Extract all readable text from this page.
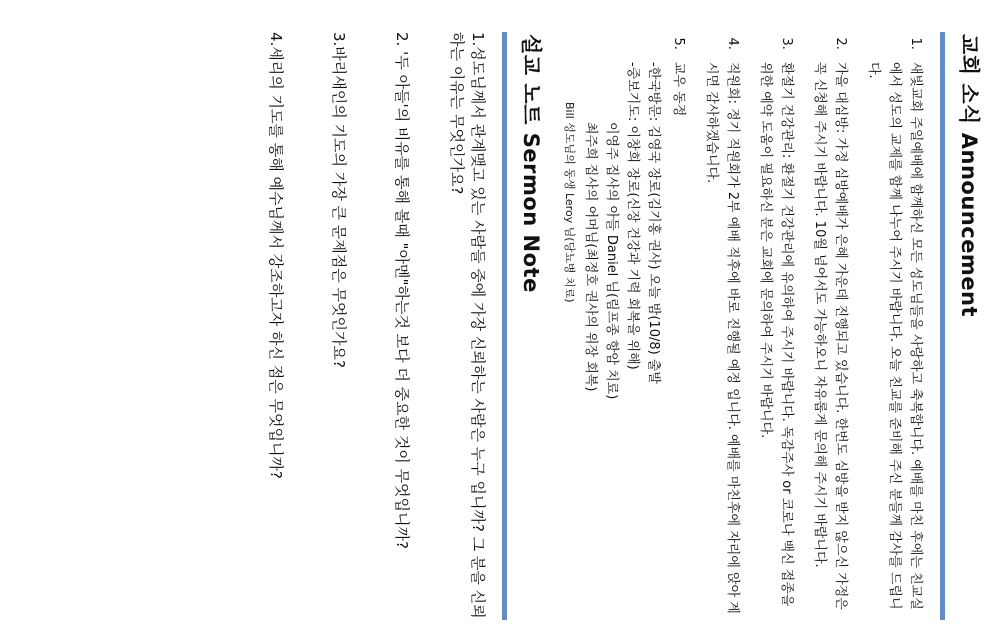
교회 소식 Announcement
1. 새빛교회 주일예배에 함께하신 모든 성도님들을 사랑하고 축복합니다. 예배를 마친 후에는 친교실에서 성도의 교제를 함께 나누어 주시기 바랍니다. 오늘 친교를 준비해 주신 분들께 감사를 드립니다.
2. 가을 대심방: 가정 심방예배가 은혜 가운데 진행되고 있습니다. 한번도 심방을 받지 않으신 가정은 꼭 신청해 주시기 바랍니다. 10월 넘어서도 가능하오니 자유롭게 문의해 주시기 바랍니다.
3. 환절기 건강관리: 환절기 건강관리에 유의하여 주시기 바랍니다. 독감주사 or 코로나 백신 접종을 위한 예약 도움이 필요하신 분은 교회에 문의하여 주시기 바랍니다.
4. 직원회: 정기 직원회가 2부 예배 직후에 바로 진행될 예정 입니다. 예배를 마친후에 자리에 앉아 계시면 감사하겠습니다.
5. 교우 동정
-한국방문: 김영국 장로(김기홍 권사) 오늘 밤(10/8) 출발
-중보기도: 이창희 장로(신장 건강과 기력 회복을 위해)
이영주 집사의 아들 Daniel 님(림프종 항암 치료)
최주희 집사의 어머님(최정호 권사의 위장 회복)
Bill 성도님의 동생 Leroy 님(당뇨병 치료)
설교 노트 Sermon Note
1.성도님께서 관계맺고 있는 사람들 중에 가장 신뢰하는 사람은 누구 입니까? 그 분을 신뢰하는 이유는 무엇인가요?
2. '두 아들'의 비유를 통해 볼때 "아멘"하는것 보다 더 중요한 것이 무엇입니까?
3.바리새인의 기도의 가장 큰 문제점은 무엇인가요?
4.세리의 기도를 통해 예수님께서 강조하고자 하신 점은 무엇입니까?
